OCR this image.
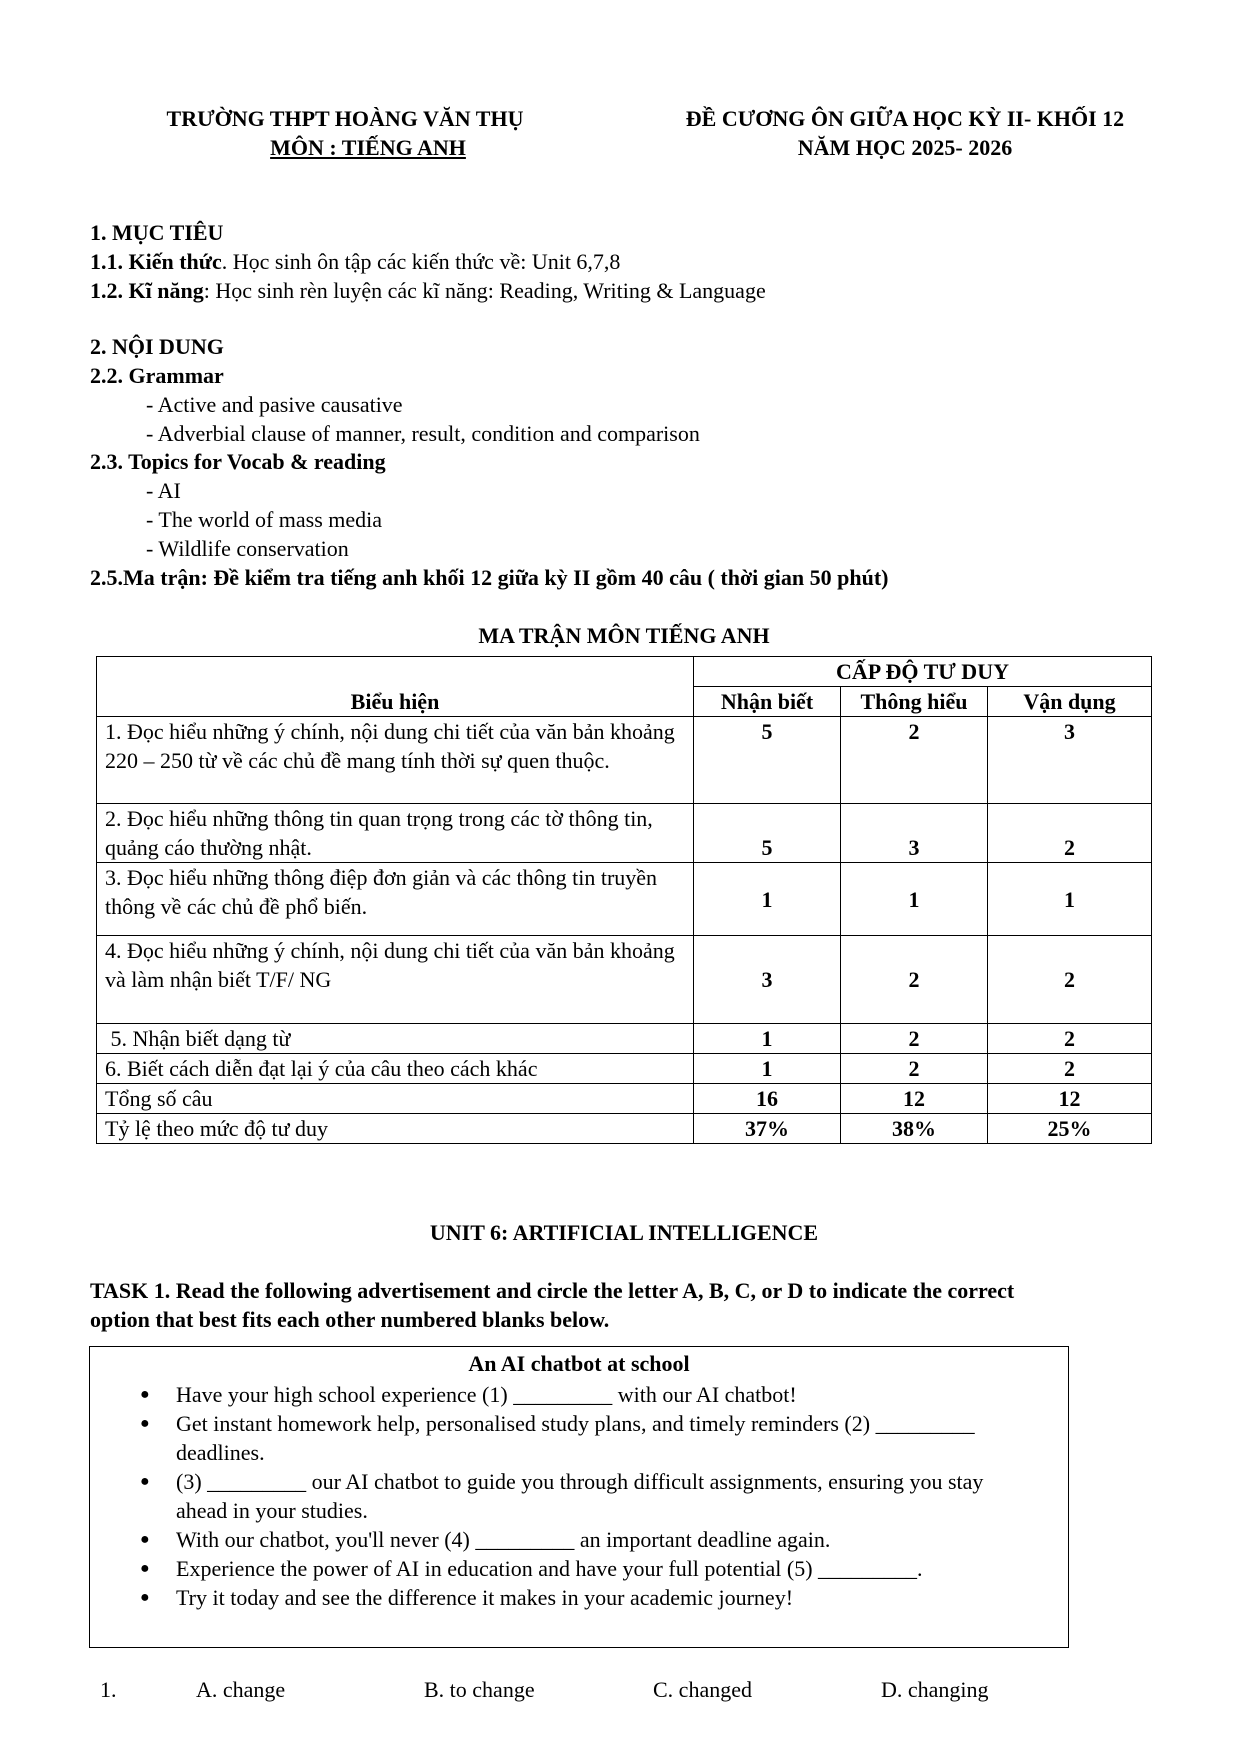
TRƯỜNG THPT HOÀNG VĂN THỤ
MÔN : TIẾNG ANH
ĐỀ CƯƠNG ÔN GIỮA HỌC KỲ II- KHỐI 12
NĂM HỌC 2025- 2026
1. MỤC TIÊU
1.1. Kiến thức. Học sinh ôn tập các kiến thức về: Unit 6,7,8
1.2. Kĩ năng: Học sinh rèn luyện các kĩ năng: Reading, Writing & Language
2. NỘI DUNG
2.2. Grammar
- Active and pasive causative
- Adverbial clause of manner, result, condition and comparison
2.3. Topics for Vocab & reading
- AI
- The world of mass media
- Wildlife conservation
2.5.Ma trận: Đề kiểm tra tiếng anh khối 12 giữa kỳ II gồm 40 câu ( thời gian 50 phút)
MA TRẬN MÔN TIẾNG ANH
Biểu hiện	CẤP ĐỘ TƯ DUY		
	Nhận biết	Thông hiểu	Vận dụng
1. Đọc hiểu những ý chính, nội dung chi tiết của văn bản khoảng 220 – 250 từ về các chủ đề mang tính thời sự quen thuộc.	5	2	3
2. Đọc hiểu những thông tin quan trọng trong các tờ thông tin, quảng cáo thường nhật.	5	3	2
3. Đọc hiểu những thông điệp đơn giản và các thông tin truyền thông về các chủ đề phổ biến.	1	1	1
4. Đọc hiểu những ý chính, nội dung chi tiết của văn bản khoảng và làm nhận biết T/F/ NG	3	2	2
5. Nhận biết dạng từ	1	2	2
6. Biết cách diễn đạt lại ý của câu theo cách khác	1	2	2
Tổng số câu	16	12	12
Tỷ lệ theo mức độ tư duy	37%	38%	25%
UNIT 6: ARTIFICIAL INTELLIGENCE
TASK 1. Read the following advertisement and circle the letter A, B, C, or D to indicate the correct
option that best fits each other numbered blanks below.
An AI chatbot at school
● Have your high school experience (1) _________ with our AI chatbot!
● Get instant homework help, personalised study plans, and timely reminders (2) _________ deadlines.
● (3) _________ our AI chatbot to guide you through difficult assignments, ensuring you stay ahead in your studies.
● With our chatbot, you'll never (4) _________ an important deadline again.
● Experience the power of AI in education and have your full potential (5) _________.
● Try it today and see the difference it makes in your academic journey!
1.	A. change	B. to change	C. changed	D. changing
